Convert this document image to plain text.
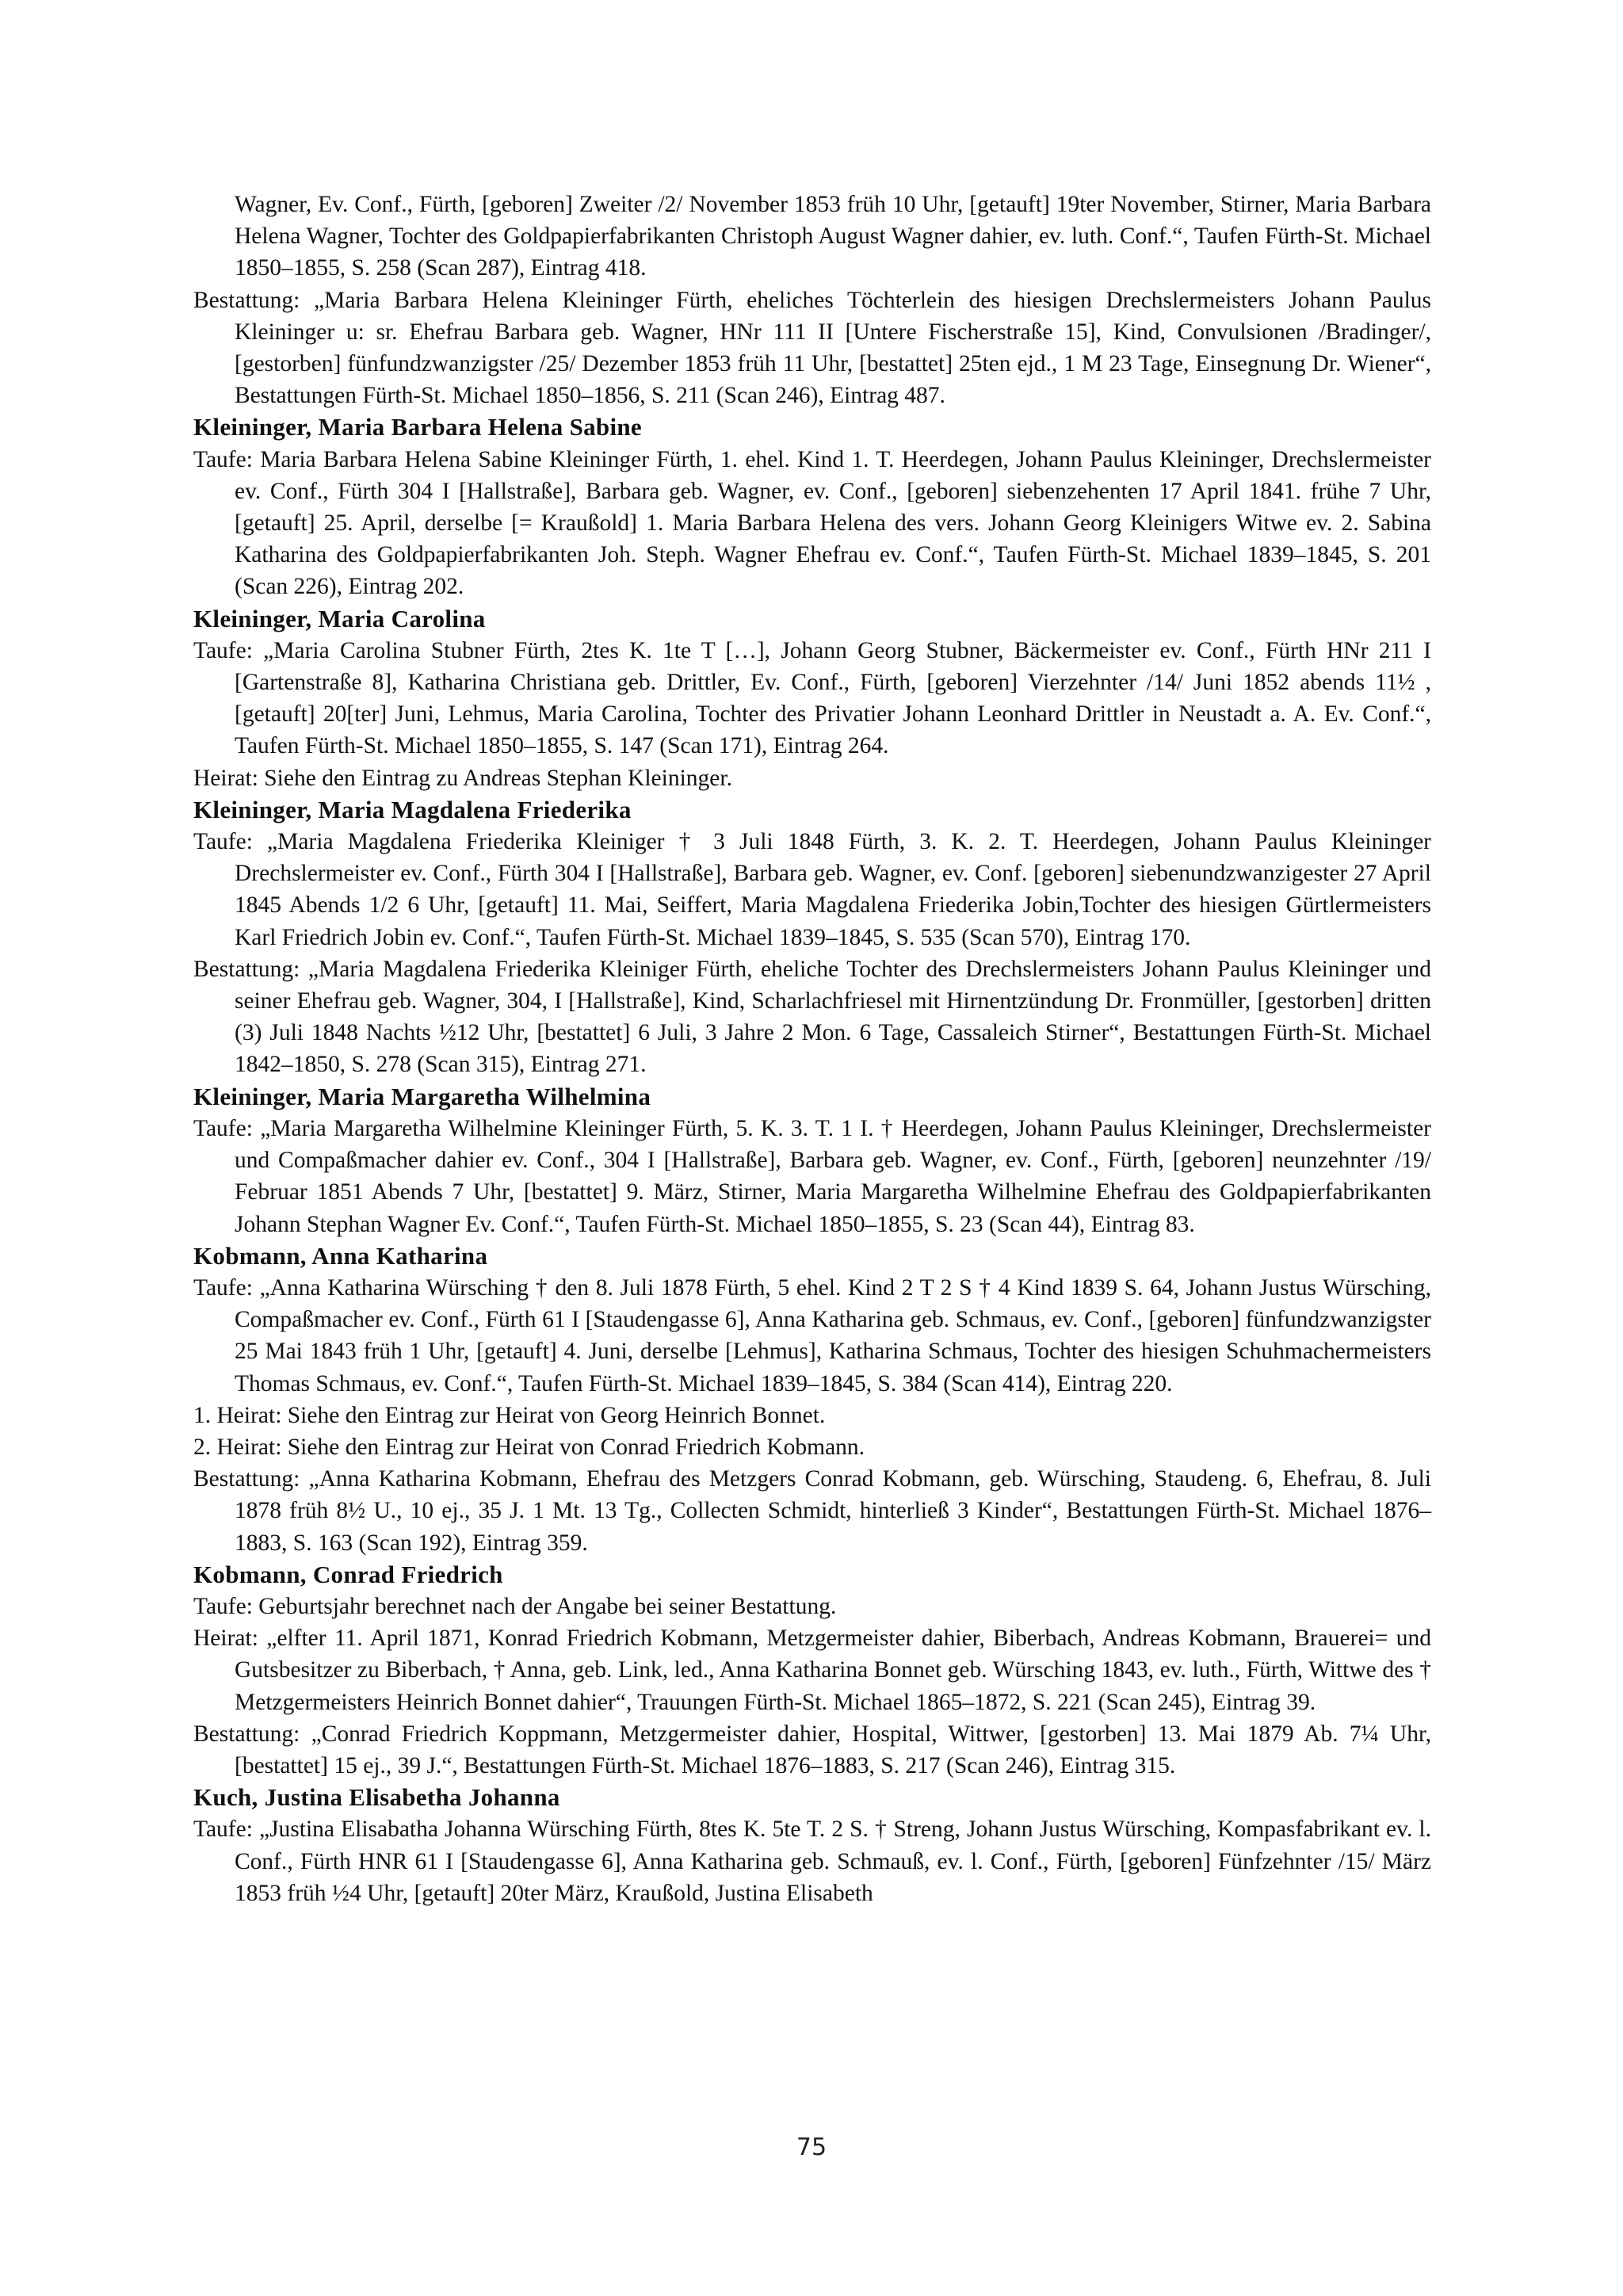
Wagner, Ev. Conf., Fürth, [geboren] Zweiter /2/ November 1853 früh 10 Uhr, [getauft] 19ter November, Stirner, Maria Barbara Helena Wagner, Tochter des Goldpapierfabrikanten Christoph August Wagner dahier, ev. luth. Conf.“, Taufen Fürth-St. Michael 1850–1855, S. 258 (Scan 287), Eintrag 418.
Bestattung: „Maria Barbara Helena Kleininger Fürth, eheliches Töchterlein des hiesigen Drechslermeisters Johann Paulus Kleininger u: sr. Ehefrau Barbara geb. Wagner, HNr 111 II [Untere Fischerstraße 15], Kind, Convulsionen /Bradinger/, [gestorben] fünfundzwanzigster /25/ Dezember 1853 früh 11 Uhr, [bestattet] 25ten ejd., 1 M 23 Tage, Einsegnung Dr. Wiener“, Bestattungen Fürth-St. Michael 1850–1856, S. 211 (Scan 246), Eintrag 487.
Kleininger, Maria Barbara Helena Sabine
Taufe: Maria Barbara Helena Sabine Kleininger Fürth, 1. ehel. Kind 1. T. Heerdegen, Johann Paulus Kleininger, Drechslermeister ev. Conf., Fürth 304 I [Hallstraße], Barbara geb. Wagner, ev. Conf., [geboren] siebenzehenten 17 April 1841. frühe 7 Uhr, [getauft] 25. April, derselbe [= Kraußold] 1. Maria Barbara Helena des vers. Johann Georg Kleinigers Witwe ev. 2. Sabina Katharina des Goldpapierfabrikanten Joh. Steph. Wagner Ehefrau ev. Conf.“, Taufen Fürth-St. Michael 1839–1845, S. 201 (Scan 226), Eintrag 202.
Kleininger, Maria Carolina
Taufe: „Maria Carolina Stubner Fürth, 2tes K. 1te T […], Johann Georg Stubner, Bäckermeister ev. Conf., Fürth HNr 211 I [Gartenstraße 8], Katharina Christiana geb. Drittler, Ev. Conf., Fürth, [geboren] Vierzehnter /14/ Juni 1852 abends 11½ , [getauft] 20[ter] Juni, Lehmus, Maria Carolina, Tochter des Privatier Johann Leonhard Drittler in Neustadt a. A. Ev. Conf.“, Taufen Fürth-St. Michael 1850–1855, S. 147 (Scan 171), Eintrag 264.
Heirat: Siehe den Eintrag zu Andreas Stephan Kleininger.
Kleininger, Maria Magdalena Friederika
Taufe: „Maria Magdalena Friederika Kleiniger † 3 Juli 1848 Fürth, 3. K. 2. T. Heerdegen, Johann Paulus Kleininger Drechslermeister ev. Conf., Fürth 304 I [Hallstraße], Barbara geb. Wagner, ev. Conf. [geboren] siebenundzwanzigester 27 April 1845 Abends 1/2 6 Uhr, [getauft] 11. Mai, Seiffert, Maria Magdalena Friederika Jobin,Tochter des hiesigen Gürtlermeisters Karl Friedrich Jobin ev. Conf.“, Taufen Fürth-St. Michael 1839–1845, S. 535 (Scan 570), Eintrag 170.
Bestattung: „Maria Magdalena Friederika Kleiniger Fürth, eheliche Tochter des Drechslermeisters Johann Paulus Kleininger und seiner Ehefrau geb. Wagner, 304, I [Hallstraße], Kind, Scharlachfriesel mit Hirnentzündung Dr. Fronmüller, [gestorben] dritten (3) Juli 1848 Nachts ½12 Uhr, [bestattet] 6 Juli, 3 Jahre 2 Mon. 6 Tage, Cassaleich Stirner“, Bestattungen Fürth-St. Michael 1842–1850, S. 278 (Scan 315), Eintrag 271.
Kleininger, Maria Margaretha Wilhelmina
Taufe: „Maria Margaretha Wilhelmine Kleininger Fürth, 5. K. 3. T. 1 I. † Heerdegen, Johann Paulus Kleininger, Drechslermeister und Compaßmacher dahier ev. Conf., 304 I [Hallstraße], Barbara geb. Wagner, ev. Conf., Fürth, [geboren] neunzehnter /19/ Februar 1851 Abends 7 Uhr, [bestattet] 9. März, Stirner, Maria Margaretha Wilhelmine Ehefrau des Goldpapierfabrikanten Johann Stephan Wagner Ev. Conf.“, Taufen Fürth-St. Michael 1850–1855, S. 23 (Scan 44), Eintrag 83.
Kobmann, Anna Katharina
Taufe: „Anna Katharina Würsching † den 8. Juli 1878 Fürth, 5 ehel. Kind 2 T 2 S † 4 Kind 1839 S. 64, Johann Justus Würsching, Compaßmacher ev. Conf., Fürth 61 I [Staudengasse 6], Anna Katharina geb. Schmaus, ev. Conf., [geboren] fünfundzwanzigster 25 Mai 1843 früh 1 Uhr, [getauft] 4. Juni, derselbe [Lehmus], Katharina Schmaus, Tochter des hiesigen Schuhmachermeisters Thomas Schmaus, ev. Conf.“, Taufen Fürth-St. Michael 1839–1845, S. 384 (Scan 414), Eintrag 220.
1. Heirat: Siehe den Eintrag zur Heirat von Georg Heinrich Bonnet.
2. Heirat: Siehe den Eintrag zur Heirat von Conrad Friedrich Kobmann.
Bestattung: „Anna Katharina Kobmann, Ehefrau des Metzgers Conrad Kobmann, geb. Würsching, Staudeng. 6, Ehefrau, 8. Juli 1878 früh 8½ U., 10 ej., 35 J. 1 Mt. 13 Tg., Collecten Schmidt, hinterließ 3 Kinder“, Bestattungen Fürth-St. Michael 1876–1883, S. 163 (Scan 192), Eintrag 359.
Kobmann, Conrad Friedrich
Taufe: Geburtsjahr berechnet nach der Angabe bei seiner Bestattung.
Heirat: „elfter 11. April 1871, Konrad Friedrich Kobmann, Metzgermeister dahier, Biberbach, Andreas Kobmann, Brauerei= und Gutsbesitzer zu Biberbach, † Anna, geb. Link, led., Anna Katharina Bonnet geb. Würsching 1843, ev. luth., Fürth, Wittwe des † Metzgermeisters Heinrich Bonnet dahier“, Trauungen Fürth-St. Michael 1865–1872, S. 221 (Scan 245), Eintrag 39.
Bestattung: „Conrad Friedrich Koppmann, Metzgermeister dahier, Hospital, Wittwer, [gestorben] 13. Mai 1879 Ab. 7¼ Uhr, [bestattet] 15 ej., 39 J.“, Bestattungen Fürth-St. Michael 1876–1883, S. 217 (Scan 246), Eintrag 315.
Kuch, Justina Elisabetha Johanna
Taufe: „Justina Elisabatha Johanna Würsching Fürth, 8tes K. 5te T. 2 S. † Streng, Johann Justus Würsching, Kompasfabrikant ev. l. Conf., Fürth HNR 61 I [Staudengasse 6], Anna Katharina geb. Schmauß, ev. l. Conf., Fürth, [geboren] Fünfzehnter /15/ März 1853 früh ½4 Uhr, [getauft] 20ter März, Kraußold, Justina Elisabeth
75
